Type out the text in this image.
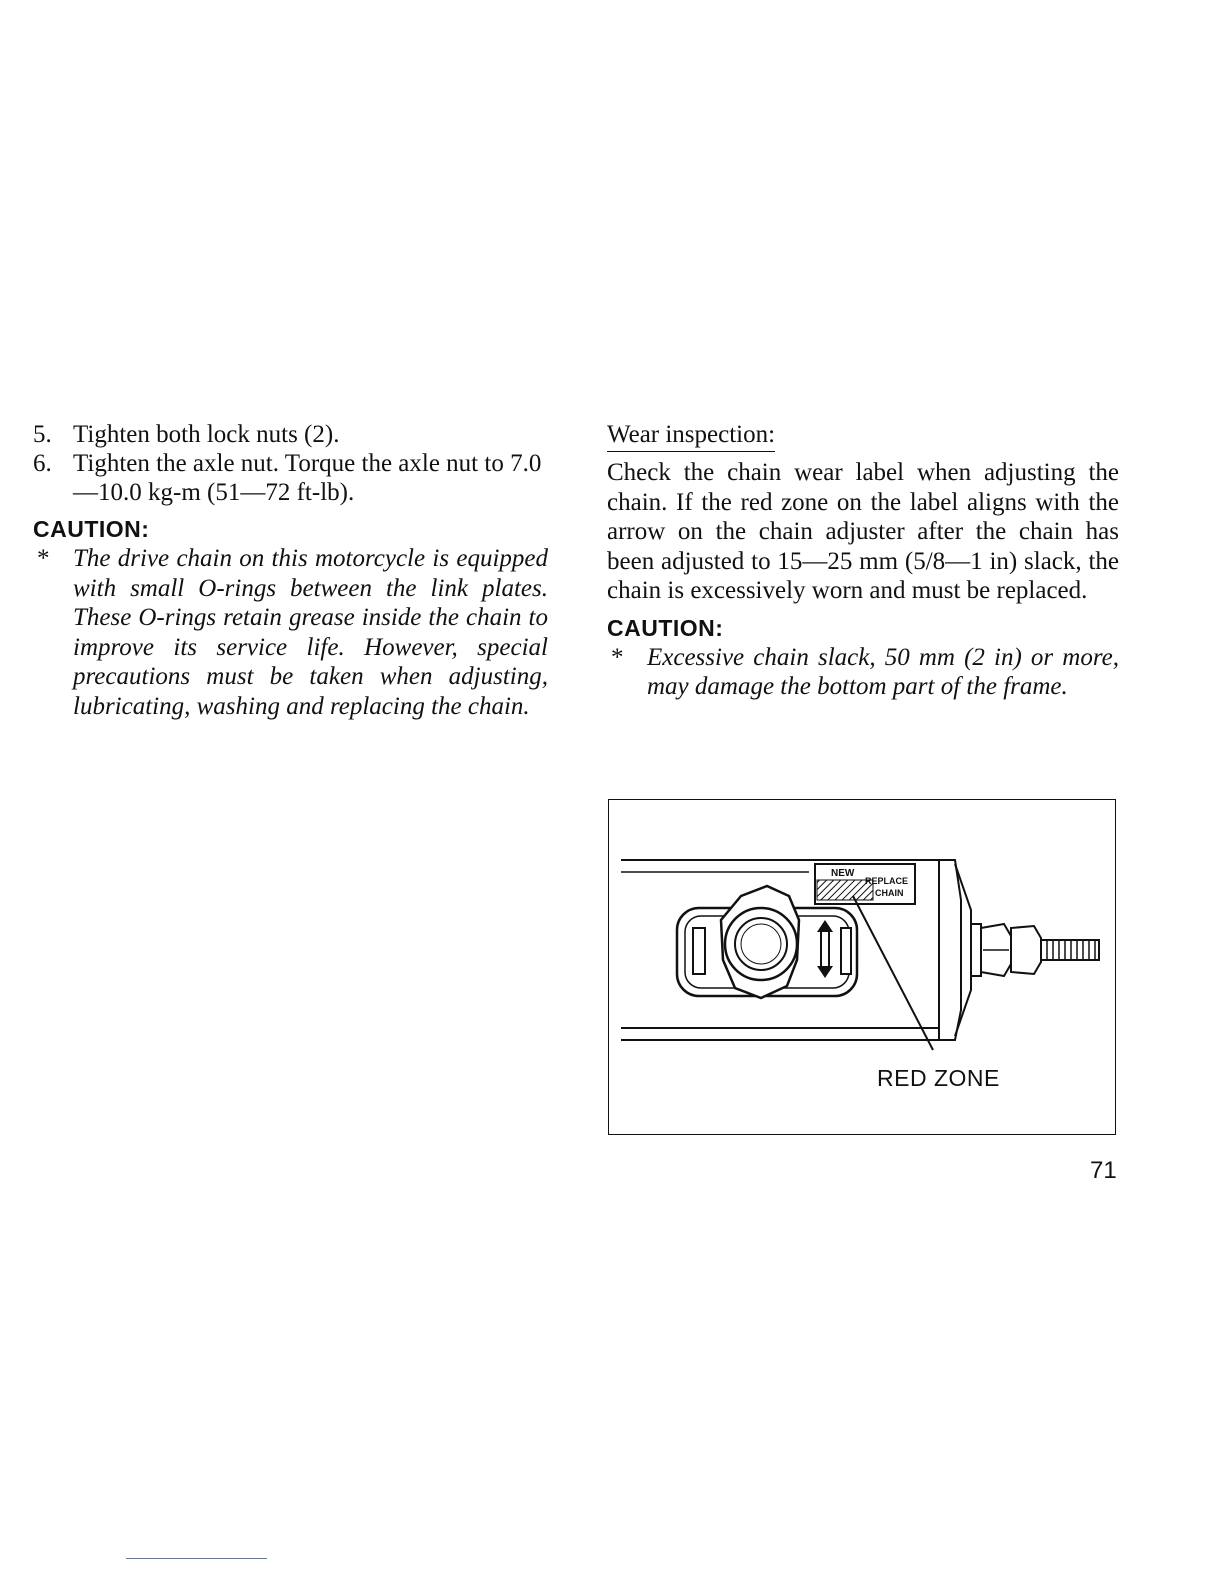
5. Tighten both lock nuts (2).

6. Tighten the axle nut. Torque the axle nut to 7.0—10.0 kg-m (51—72 ft-lb).

CAUTION:

* The drive chain on this motorcycle is equipped with small O-rings between the link plates. These O-rings retain grease inside the chain to improve its service life. However, special precautions must be taken when adjusting, lubricating, washing and replacing the chain.

Wear inspection:

Check the chain wear label when adjusting the chain. If the red zone on the label aligns with the arrow on the chain adjuster after the chain has been adjusted to 15—25 mm (5/8—1 in) slack, the chain is excessively worn and must be replaced.

CAUTION:

* Excessive chain slack, 50 mm (2 in) or more, may damage the bottom part of the frame.

NEW
REPLACE
CHAIN
RED ZONE
71
